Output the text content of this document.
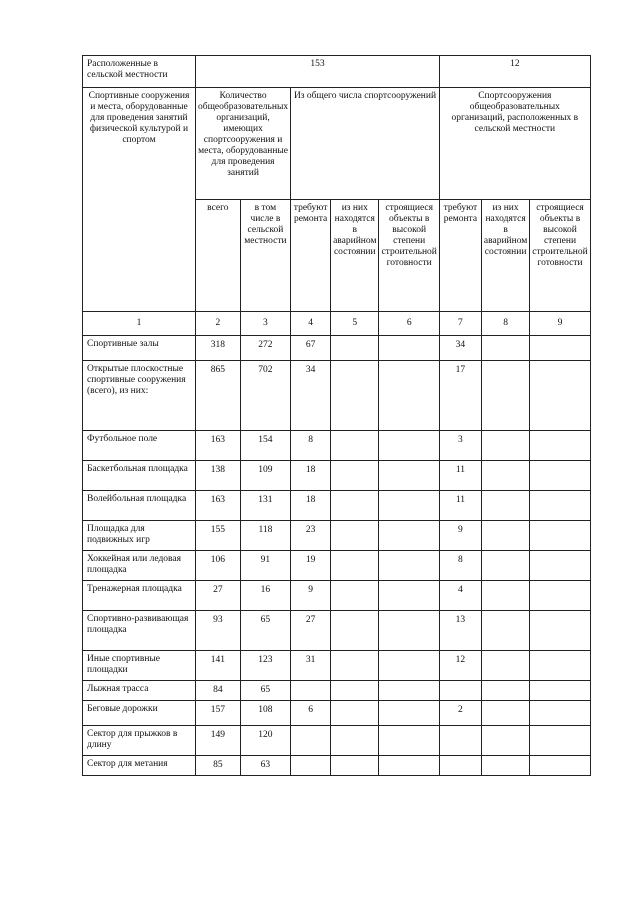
Расположенные в сельской местности	153					12		
Спортивные сооружения и места, оборудованные для проведения занятий физической культурой и спортом	Количество общеобразовательных организаций, имеющих спортсооружения и места, оборудованные для проведения занятий		Из общего числа спортсооружений			Спортсооружения общеобразовательных организаций, расположенных в сельской местности		
	всего	в том числе в сельской местности	требуют ремонта	из них находятся в аварийном состоянии	строящиеся объекты в высокой степени строительной готовности	требуют ремонта	из них находятся в аварийном состоянии	строящиеся объекты в высокой степени строительной готовности
1	2	3	4	5	6	7	8	9
Спортивные залы	318	272	67			34		
Открытые плоскостные спортивные сооружения (всего), из них:	865	702	34			17		
Футбольное поле	163	154	8			3		
Баскетбольная площадка	138	109	18			11		
Волейбольная площадка	163	131	18			11		
Площадка для подвижных игр	155	118	23			9		
Хоккейная или ледовая площадка	106	91	19			8		
Тренажерная площадка	27	16	9			4		
Спортивно-развивающая площадка	93	65	27			13		
Иные спортивные площадки	141	123	31			12		
Лыжная трасса	84	65						
Беговые дорожки	157	108	6			2		
Сектор для прыжков в длину	149	120						
Сектор для метания	85	63						
